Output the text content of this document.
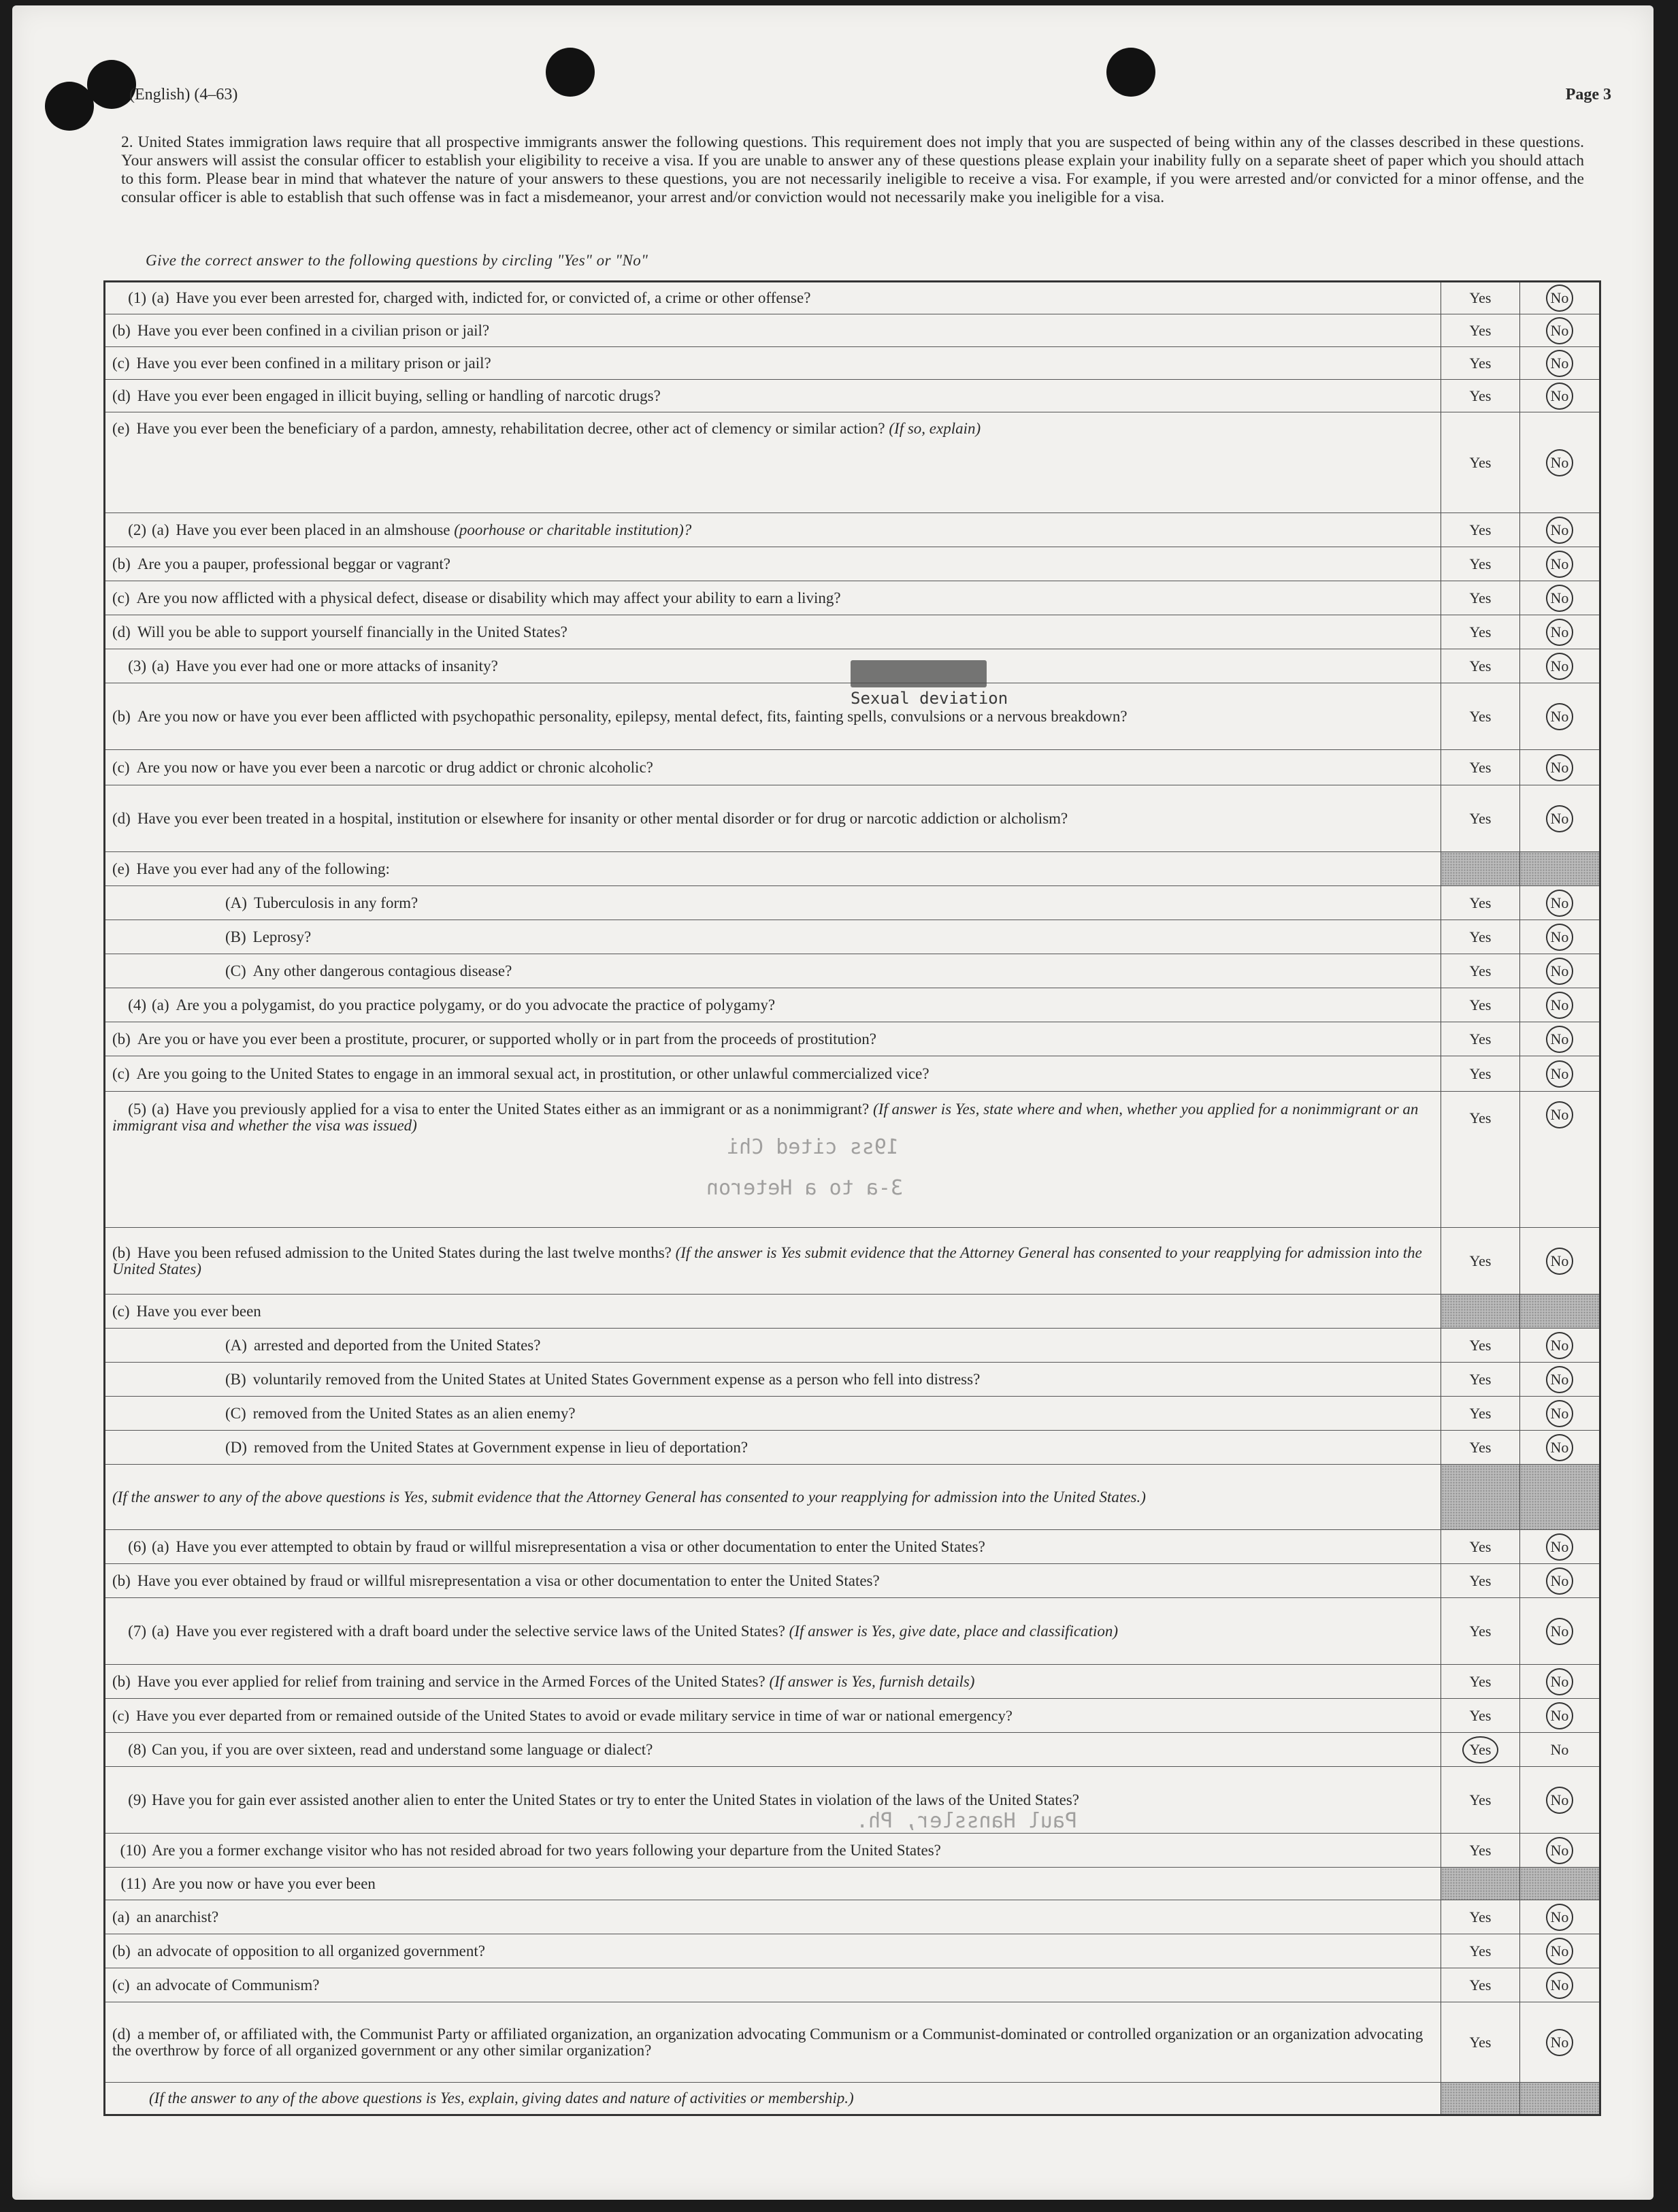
(English) (4–63)	Page 3
2. United States immigration laws require that all prospective immigrants answer the following questions. This requirement does not imply that you are suspected of being within any of the classes described in these questions. Your answers will assist the consular officer to establish your eligibility to receive a visa. If you are unable to answer any of these questions please explain your inability fully on a separate sheet of paper which you should attach to this form. Please bear in mind that whatever the nature of your answers to these questions, you are not necessarily ineligible to receive a visa. For example, if you were arrested and/or convicted for a minor offense, and the consular officer is able to establish that such offense was in fact a misdemeanor, your arrest and/or conviction would not necessarily make you ineligible for a visa.
Give the correct answer to the following questions by circling "Yes" or "No"
19ss cited Chi
3-a to a Heteron
Paul Hanssler, Ph.
(1) (a) Have you ever been arrested for, charged with, indicted for, or convicted of, a crime or other offense?	Yes	No
(b) Have you ever been confined in a civilian prison or jail?	Yes	No
(c) Have you ever been confined in a military prison or jail?	Yes	No
(d) Have you ever been engaged in illicit buying, selling or handling of narcotic drugs?	Yes	No
(e) Have you ever been the beneficiary of a pardon, amnesty, rehabilitation decree, other act of clemency or similar action? (If so, explain)	Yes	No
(2) (a) Have you ever been placed in an almshouse (poorhouse or charitable institution)?	Yes	No
(b) Are you a pauper, professional beggar or vagrant?	Yes	No
(c) Are you now afflicted with a physical defect, disease or disability which may affect your ability to earn a living?	Yes	No
(d) Will you be able to support yourself financially in the United States?	Yes	No
(3) (a) Have you ever had one or more attacks of insanity?	Yes	No
(b) Are you now or have you ever been afflicted with psychopathic personality, epilepsy, mental defect, fits, fainting spells, convulsions or a nervous breakdown?	Yes	No
(c) Are you now or have you ever been a narcotic or drug addict or chronic alcoholic?	Yes	No
(d) Have you ever been treated in a hospital, institution or elsewhere for insanity or other mental disorder or for drug or narcotic addiction or alcholism?	Yes	No
(e) Have you ever had any of the following:		
(A) Tuberculosis in any form?	Yes	No
(B) Leprosy?	Yes	No
(C) Any other dangerous contagious disease?	Yes	No
(4) (a) Are you a polygamist, do you practice polygamy, or do you advocate the practice of polygamy?	Yes	No
(b) Are you or have you ever been a prostitute, procurer, or supported wholly or in part from the proceeds of prostitution?	Yes	No
(c) Are you going to the United States to engage in an immoral sexual act, in prostitution, or other unlawful commercialized vice?	Yes	No
(5) (a) Have you previously applied for a visa to enter the United States either as an immigrant or as a nonimmigrant? (If answer is Yes, state where and when, whether you applied for a nonimmigrant or an immigrant visa and whether the visa was issued)	Yes	No
(b) Have you been refused admission to the United States during the last twelve months? (If the answer is Yes submit evidence that the Attorney General has consented to your reapplying for admission into the United States)	Yes	No
(c) Have you ever been		
(A) arrested and deported from the United States?	Yes	No
(B) voluntarily removed from the United States at United States Government expense as a person who fell into distress?	Yes	No
(C) removed from the United States as an alien enemy?	Yes	No
(D) removed from the United States at Government expense in lieu of deportation?	Yes	No
(If the answer to any of the above questions is Yes, submit evidence that the Attorney General has consented to your reapplying for admission into the United States.)		
(6) (a) Have you ever attempted to obtain by fraud or willful misrepresentation a visa or other documentation to enter the United States?	Yes	No
(b) Have you ever obtained by fraud or willful misrepresentation a visa or other documentation to enter the United States?	Yes	No
(7) (a) Have you ever registered with a draft board under the selective service laws of the United States? (If answer is Yes, give date, place and classification)	Yes	No
(b) Have you ever applied for relief from training and service in the Armed Forces of the United States? (If answer is Yes, furnish details)	Yes	No
(c) Have you ever departed from or remained outside of the United States to avoid or evade military service in time of war or national emergency?	Yes	No
(8) Can you, if you are over sixteen, read and understand some language or dialect?	Yes	No
(9) Have you for gain ever assisted another alien to enter the United States or try to enter the United States in violation of the laws of the United States?	Yes	No
(10) Are you a former exchange visitor who has not resided abroad for two years following your departure from the United States?	Yes	No
(11) Are you now or have you ever been		
(a) an anarchist?	Yes	No
(b) an advocate of opposition to all organized government?	Yes	No
(c) an advocate of Communism?	Yes	No
(d) a member of, or affiliated with, the Communist Party or affiliated organization, an organization advocating Communism or a Communist-dominated or controlled organization or an organization advocating the overthrow by force of all organized government or any other similar organization?	Yes	No
(If the answer to any of the above questions is Yes, explain, giving dates and nature of activities or membership.)		
Sexual deviation
